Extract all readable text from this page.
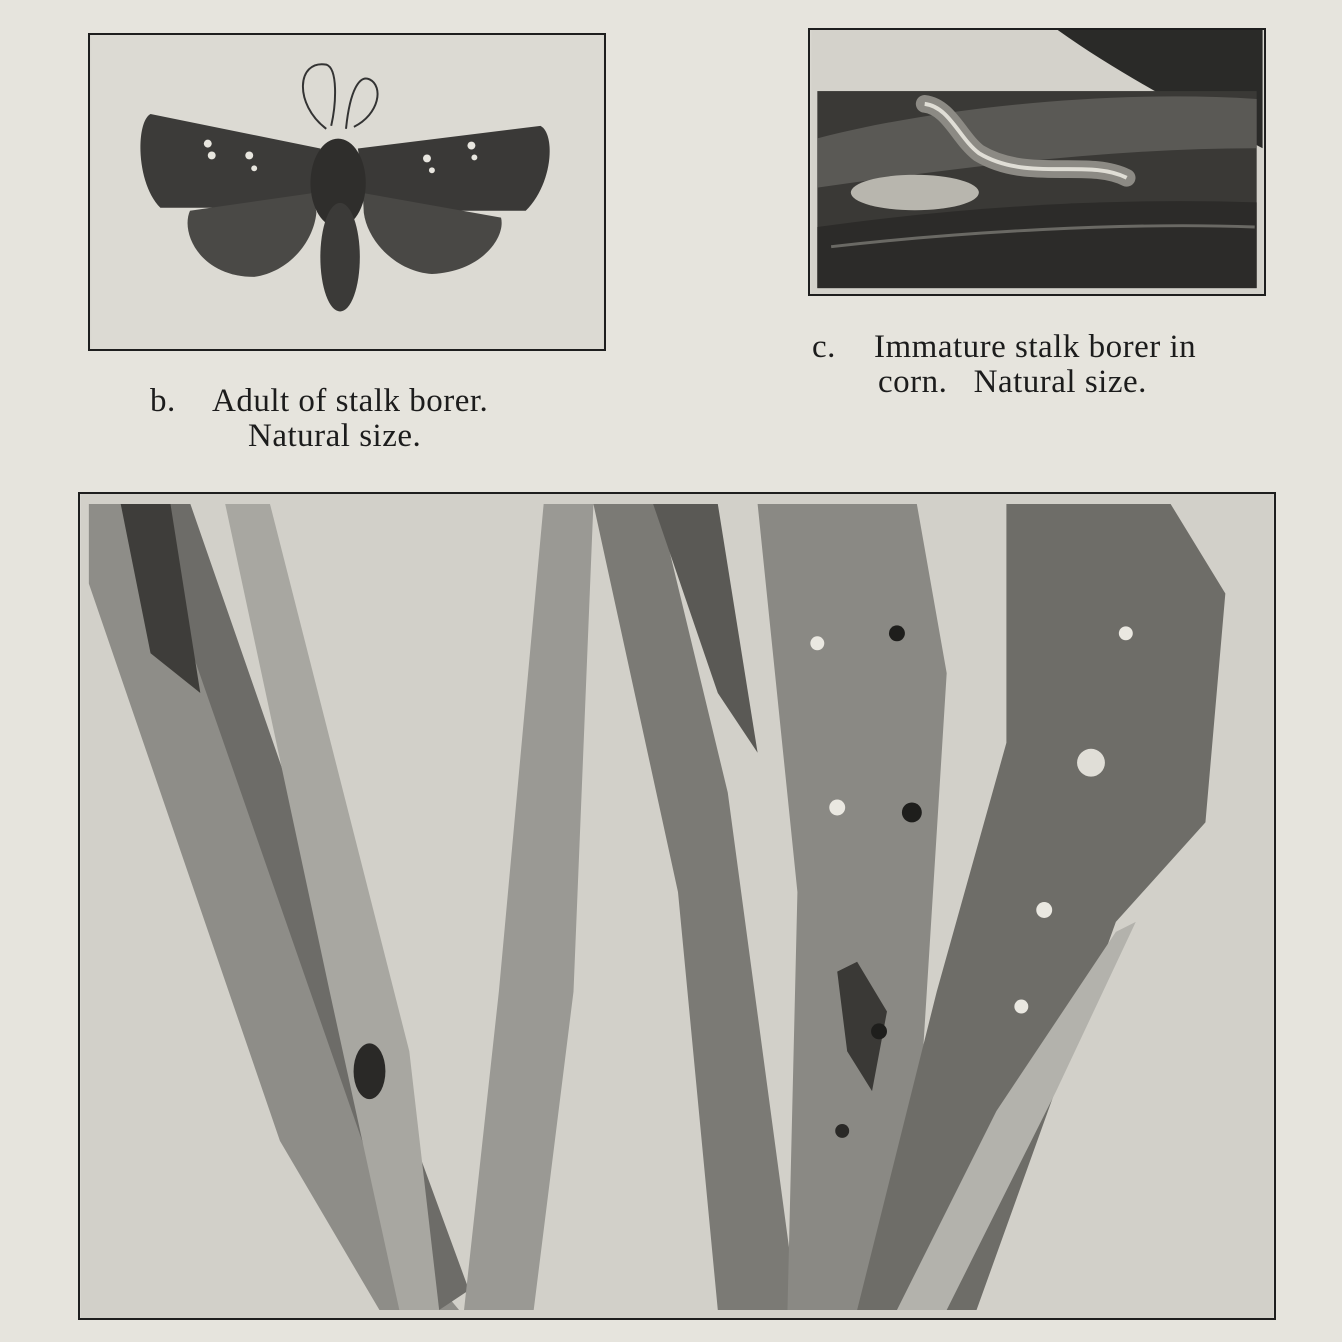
b. Adult of stalk borer.
Natural size.
c. Immature stalk borer in
corn.   Natural size.
